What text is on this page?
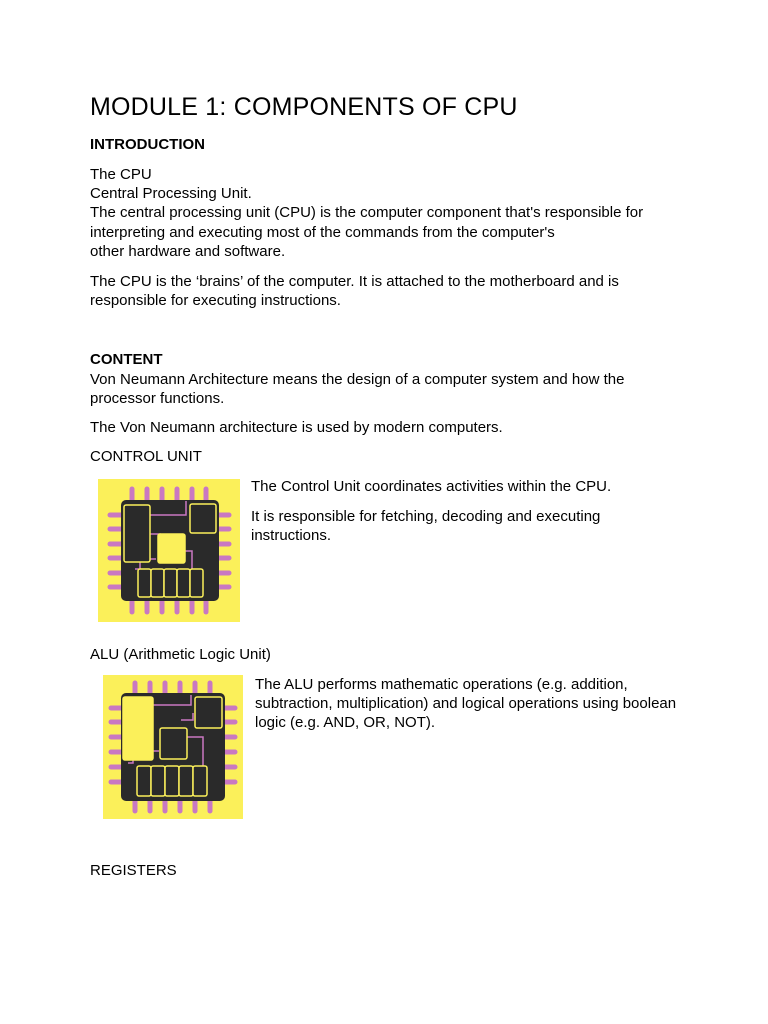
MODULE 1: COMPONENTS OF CPU
INTRODUCTION
The CPU
Central Processing Unit.
The central processing unit (CPU) is the computer component that's responsible for
interpreting and executing most of the commands from the computer's
other hardware and software.
The CPU is the ‘brains’ of the computer. It is attached to the motherboard and is
responsible for executing instructions.
CONTENT
Von Neumann Architecture means the design of a computer system and how the
processor functions.
The Von Neumann architecture is used by modern computers.
CONTROL UNIT
The Control Unit coordinates activities within the CPU.
It is responsible for fetching, decoding and executing
instructions.
ALU (Arithmetic Logic Unit)
The ALU performs mathematic operations (e.g. addition,
subtraction, multiplication) and logical operations using boolean
logic (e.g. AND, OR, NOT).
REGISTERS
